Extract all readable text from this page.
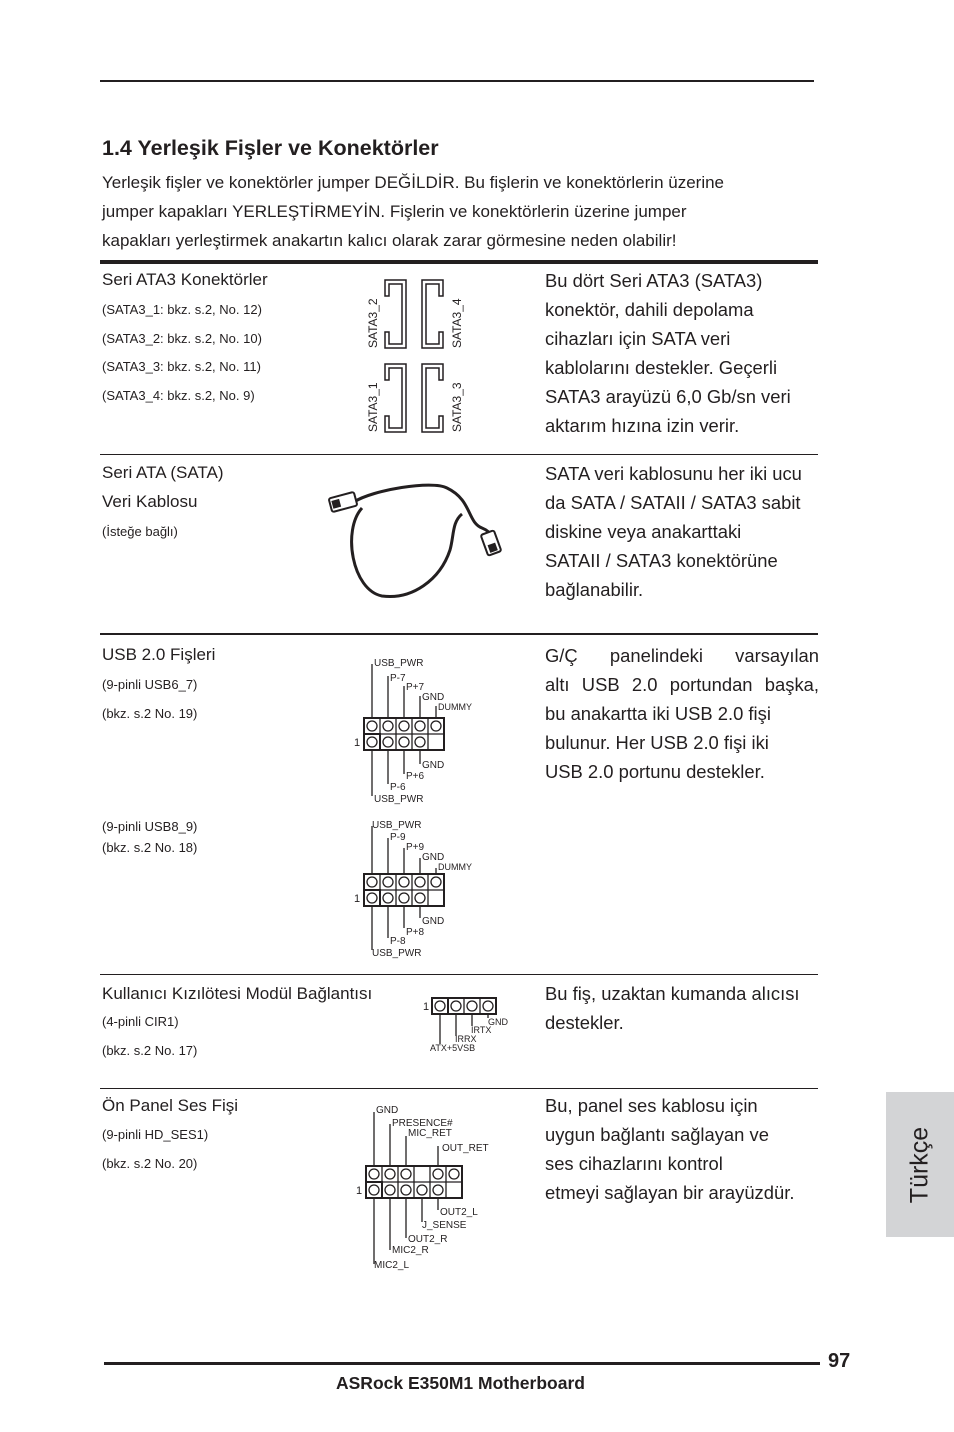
1.4 Yerleşik Fişler ve Konektörler
Yerleşik fişler ve konektörler jumper DEĞİLDİR. Bu fişlerin ve konektörlerin üzerine
jumper kapakları YERLEŞTİRMEYİN. Fişlerin ve konektörlerin üzerine jumper
kapakları yerleştirmek anakartın kalıcı olarak zarar görmesine neden olabilir!
Seri ATA3 Konektörler
(SATA3_1: bkz. s.2, No. 12)
(SATA3_2: bkz. s.2, No. 10)
(SATA3_3: bkz. s.2, No. 11)
(SATA3_4: bkz. s.2, No. 9)
SATA3_2	SATA3_4
SATA3_1	SATA3_3
Bu dört Seri ATA3 (SATA3)
konektör, dahili depolama
cihazları için SATA veri
kablolarını destekler. Geçerli
SATA3 arayüzü 6,0 Gb/sn veri
aktarım hızına izin verir.
Seri ATA (SATA)
Veri Kablosu
(İsteğe bağlı)
SATA veri kablosunu her iki ucu
da SATA / SATAII / SATA3 sabit
diskine veya anakarttaki
SATAII / SATA3 konektörüne
bağlanabilir.
USB 2.0 Fişleri
(9-pinli USB6_7)
(bkz. s.2 No. 19)
(9-pinli USB8_9)
(bkz. s.2 No. 18)
G/Ç panelindeki varsayılan
altı USB 2.0 portundan başka,
bu anakartta iki USB 2.0 fişi
bulunur. Her USB 2.0 fişi iki
USB 2.0 portunu destekler.
USB_PWR
P-7
P+7
GND
DUMMY
1
GND
P+6
P-6
USB_PWR
USB_PWR
P-9
P+9
GND
DUMMY
1
GND
P+8
P-8
USB_PWR
Kullanıcı Kızılötesi Modül Bağlantısı
(4-pinli CIR1)
(bkz. s.2 No. 17)
1
GND
IRTX
IRRX
ATX+5VSB
Bu fiş, uzaktan kumanda alıcısı
destekler.
Ön Panel Ses Fişi
(9-pinli HD_SES1)
(bkz. s.2 No. 20)
GND
PRESENCE#
MIC_RET
OUT_RET
1
OUT2_L
J_SENSE
OUT2_R
MIC2_R
MIC2_L
Bu, panel ses kablosu için
uygun bağlantı sağlayan ve
ses cihazlarını kontrol
etmeyi sağlayan bir arayüzdür.	Türkçe
97
ASRock E350M1 Motherboard
